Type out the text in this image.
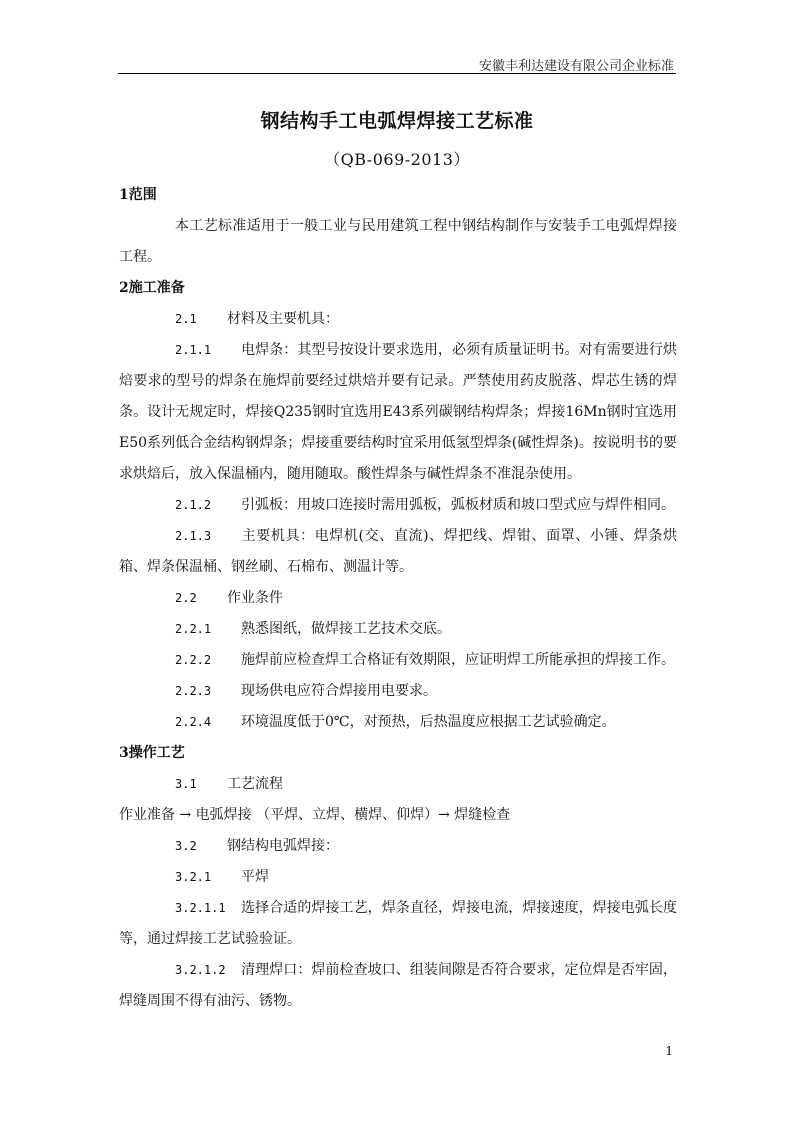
安徽丰利达建设有限公司企业标准
钢结构手工电弧焊焊接工艺标准
（QB-069-2013）

1范围

本工艺标准适用于一般工业与民用建筑工程中钢结构制作与安装手工电弧焊焊接工程。

2施工准备

2.1 材料及主要机具：

2.1.1 电焊条：其型号按设计要求选用，必须有质量证明书。对有需要进行烘焙要求的型号的焊条在施焊前要经过烘焙并要有记录。严禁使用药皮脱落、焊芯生锈的焊条。设计无规定时，焊接Q235钢时宜选用E43系列碳钢结构焊条；焊接16Mn钢时宜选用　E50系列低合金结构钢焊条；焊接重要结构时宜采用低氢型焊条(碱性焊条)。按说明书的要求烘焙后，放入保温桶内，随用随取。酸性焊条与碱性焊条不准混杂使用。

2.1.2 引弧板：用坡口连接时需用弧板，弧板材质和坡口型式应与焊件相同。

2.1.3 主要机具：电焊机(交、直流)、焊把线、焊钳、面罩、小锤、焊条烘箱、焊条保温桶、钢丝刷、石棉布、测温计等。

2.2 作业条件

2.2.1 熟悉图纸，做焊接工艺技术交底。

2.2.2 施焊前应检查焊工合格证有效期限，应证明焊工所能承担的焊接工作。

2.2.3 现场供电应符合焊接用电要求。

2.2.4 环境温度低于0℃，对预热，后热温度应根据工艺试验确定。

3操作工艺

3.1 工艺流程

作业准备 → 电弧焊接 （平焊、立焊、横焊、仰焊）→ 焊缝检查

3.2 钢结构电弧焊接：

3.2.1 平焊

3.2.1.1 选择合适的焊接工艺，焊条直径，焊接电流，焊接速度，焊接电弧长度等，通过焊接工艺试验验证。

3.2.1.2 清理焊口：焊前检查坡口、组装间隙是否符合要求，定位焊是否牢固，焊缝周围不得有油污、锈物。

1
